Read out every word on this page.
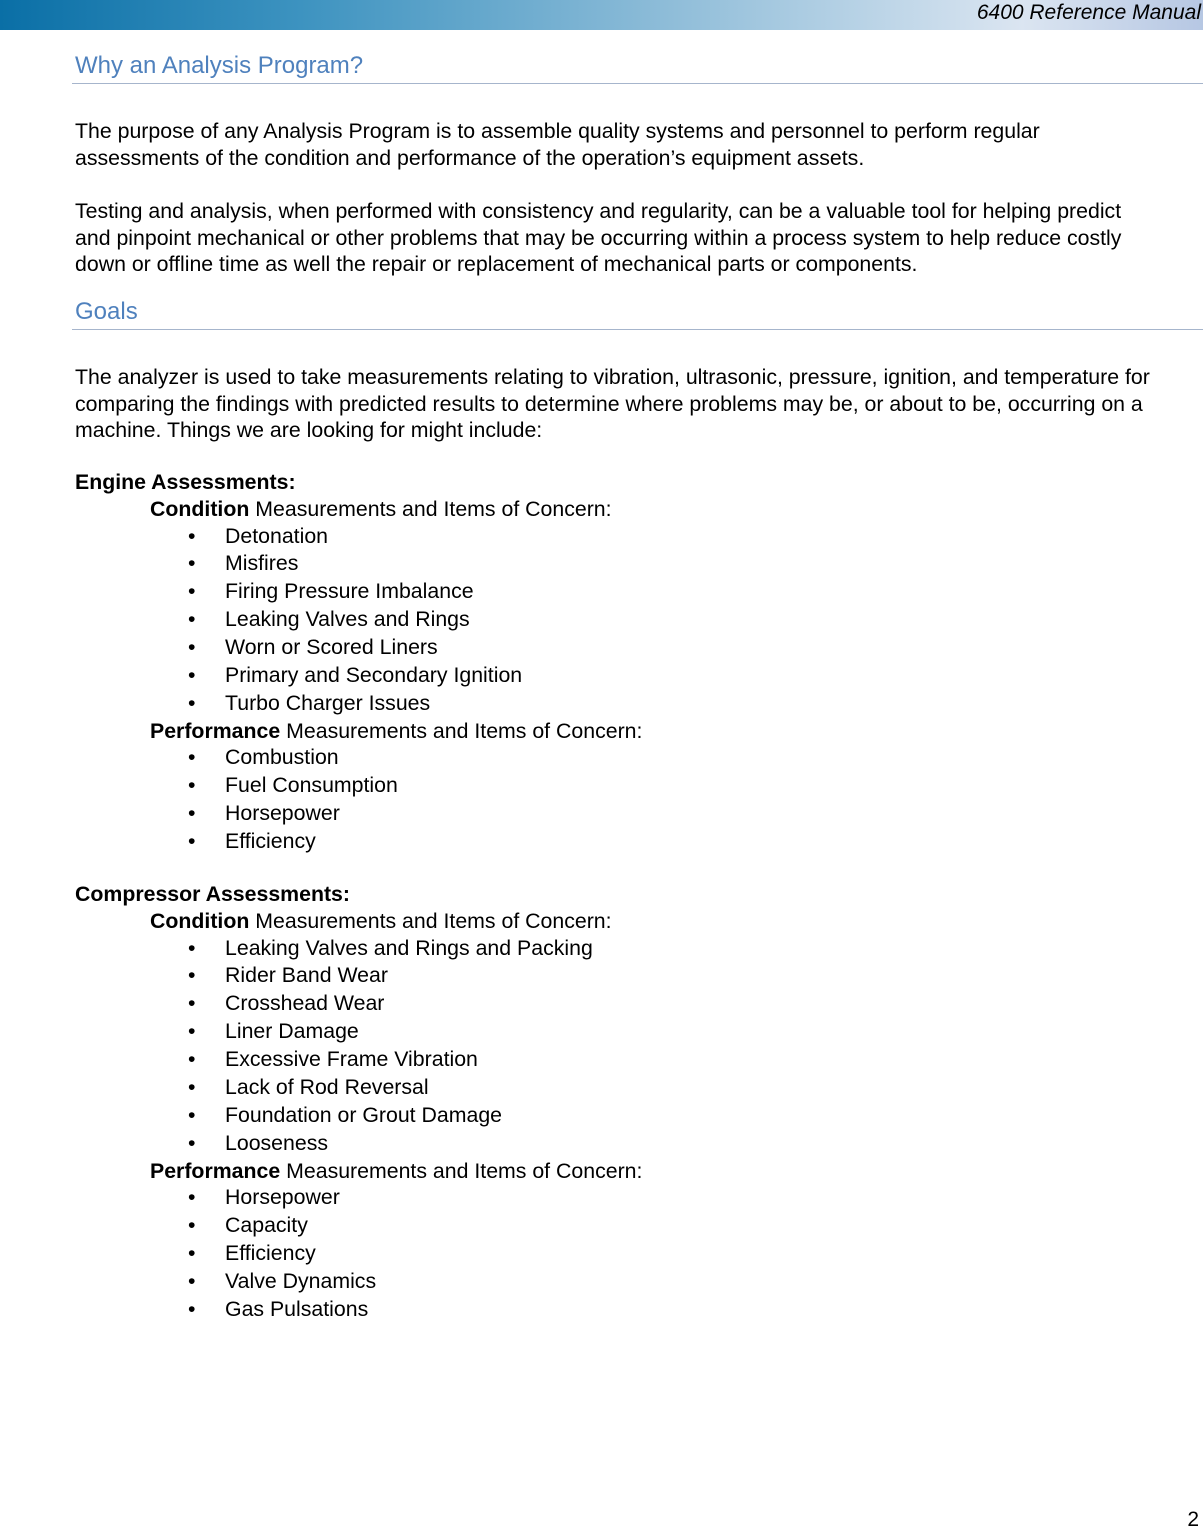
6400 Reference Manual
Why an Analysis Program?

The purpose of any Analysis Program is to assemble quality systems and personnel to perform regular assessments of the condition and performance of the operation’s equipment assets.

Testing and analysis, when performed with consistency and regularity, can be a valuable tool for helping predict and pinpoint mechanical or other problems that may be occurring within a process system to help reduce costly down or offline time as well the repair or replacement of mechanical parts or components.

Goals

The analyzer is used to take measurements relating to vibration, ultrasonic, pressure, ignition, and temperature for comparing the findings with predicted results to determine where problems may be, or about to be, occurring on a machine. Things we are looking for might include:

Engine Assessments:
Condition Measurements and Items of Concern:
• Detonation
• Misfires
• Firing Pressure Imbalance
• Leaking Valves and Rings
• Worn or Scored Liners
• Primary and Secondary Ignition
• Turbo Charger Issues
Performance Measurements and Items of Concern:
• Combustion
• Fuel Consumption
• Horsepower
• Efficiency
Compressor Assessments:
Condition Measurements and Items of Concern:
• Leaking Valves and Rings and Packing
• Rider Band Wear
• Crosshead Wear
• Liner Damage
• Excessive Frame Vibration
• Lack of Rod Reversal
• Foundation or Grout Damage
• Looseness
Performance Measurements and Items of Concern:
• Horsepower
• Capacity
• Efficiency
• Valve Dynamics
• Gas Pulsations
2
